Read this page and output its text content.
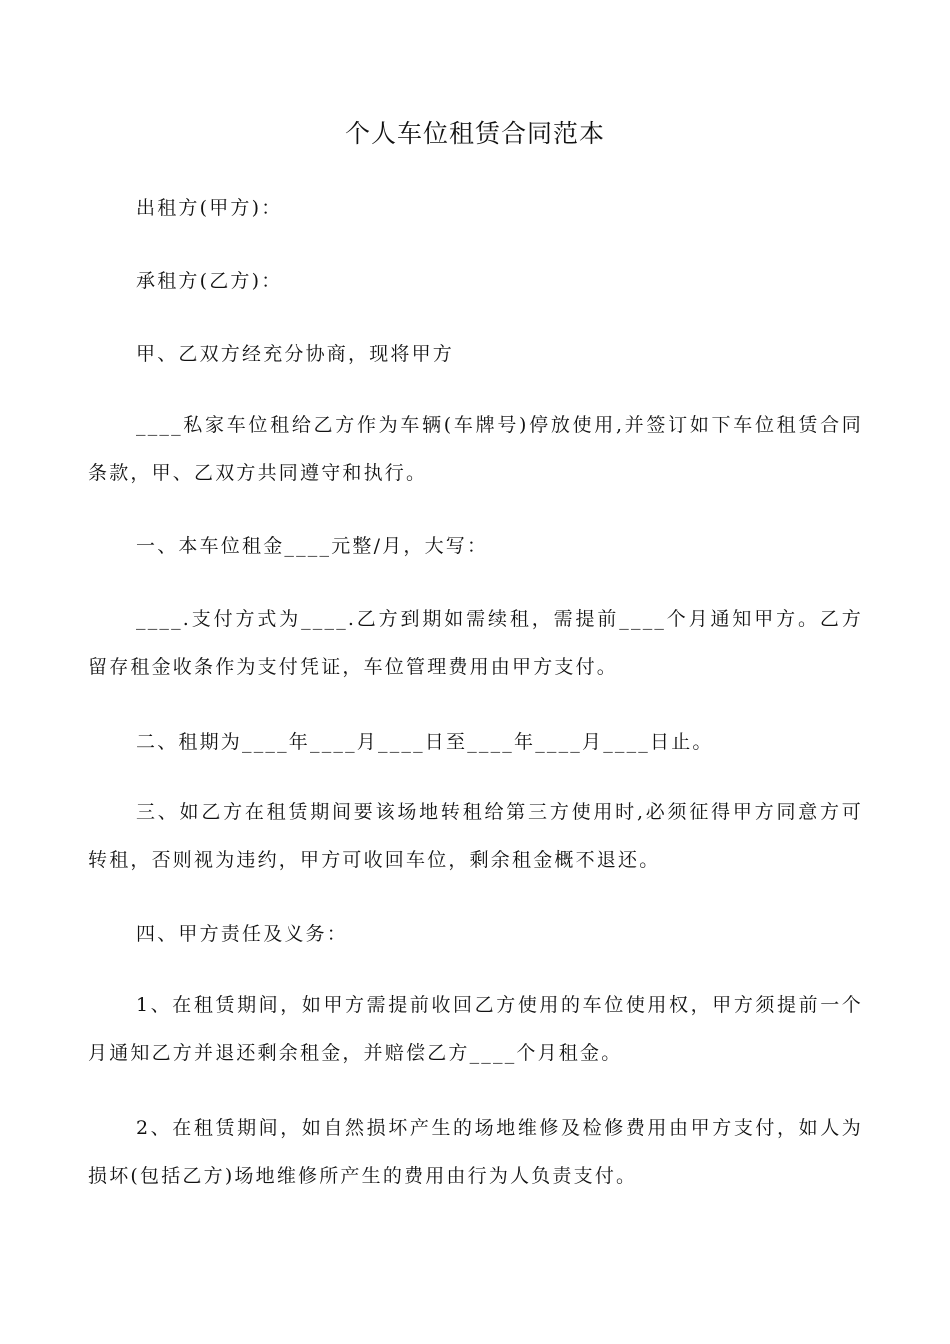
个人车位租赁合同范本

出租方(甲方)：

承租方(乙方)：

甲、乙双方经充分协商，现将甲方

____私家车位租给乙方作为车辆(车牌号)停放使用,并签订如下车位租赁合同条款，甲、乙双方共同遵守和执行。

一、本车位租金____元整/月，大写：

____.支付方式为____.乙方到期如需续租，需提前____个月通知甲方。乙方留存租金收条作为支付凭证，车位管理费用由甲方支付。

二、租期为____年____月____日至____年____月____日止。

三、如乙方在租赁期间要该场地转租给第三方使用时,必须征得甲方同意方可转租，否则视为违约，甲方可收回车位，剩余租金概不退还。

四、甲方责任及义务：

1、在租赁期间，如甲方需提前收回乙方使用的车位使用权，甲方须提前一个月通知乙方并退还剩余租金，并赔偿乙方____个月租金。

2、在租赁期间，如自然损坏产生的场地维修及检修费用由甲方支付，如人为损坏(包括乙方)场地维修所产生的费用由行为人负责支付。
